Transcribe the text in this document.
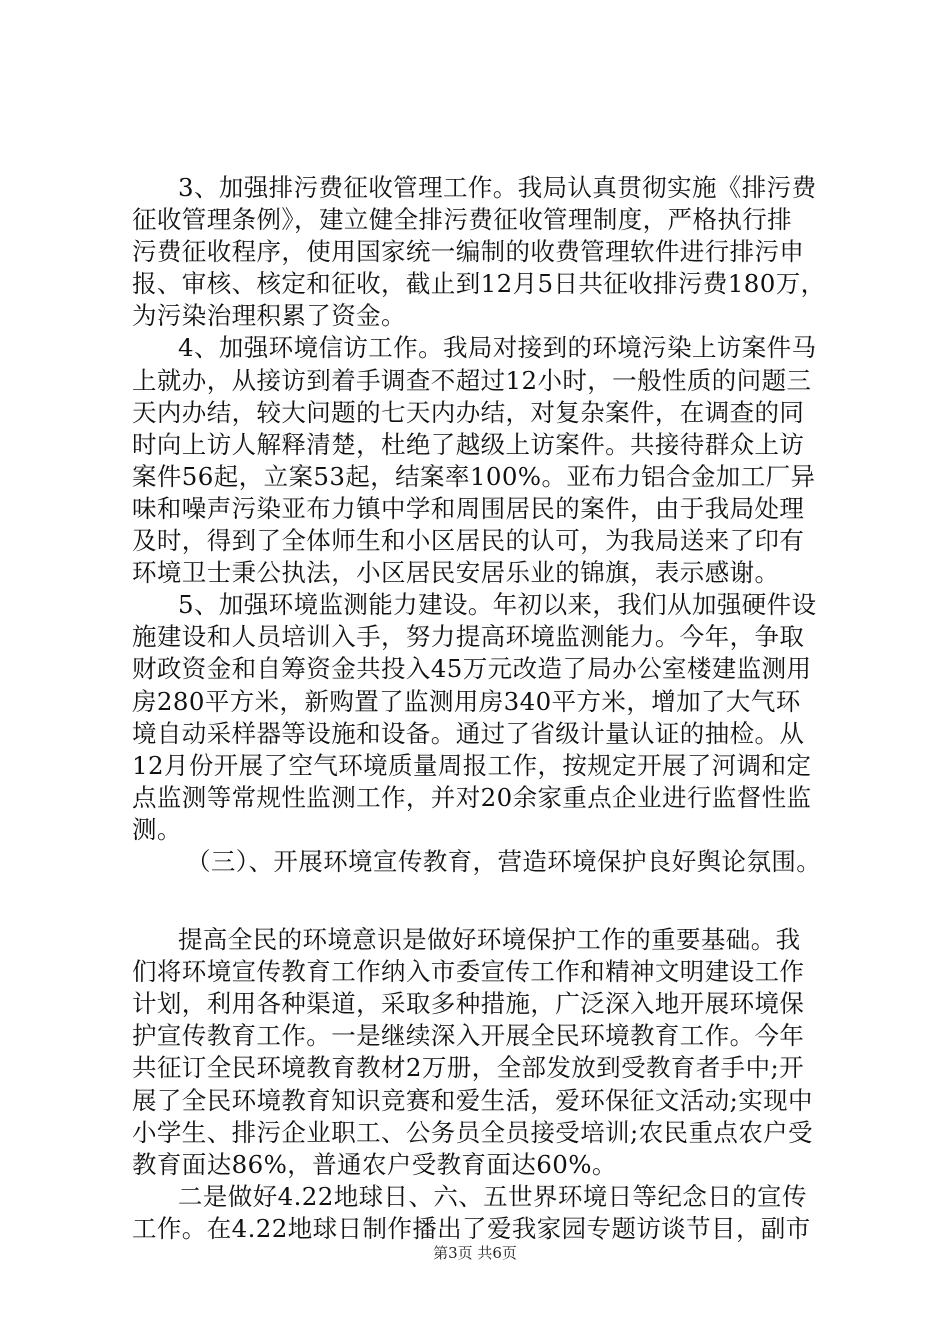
3、加强排污费征收管理工作。我局认真贯彻实施《排污费
征收管理条例》，建立健全排污费征收管理制度，严格执行排
污费征收程序，使用国家统一编制的收费管理软件进行排污申
报、审核、核定和征收，截止到12月5日共征收排污费180万，
为污染治理积累了资金。
4、加强环境信访工作。我局对接到的环境污染上访案件马
上就办，从接访到着手调查不超过12小时，一般性质的问题三
天内办结，较大问题的七天内办结，对复杂案件，在调查的同
时向上访人解释清楚，杜绝了越级上访案件。共接待群众上访
案件56起，立案53起，结案率100%。亚布力铝合金加工厂异
味和噪声污染亚布力镇中学和周围居民的案件，由于我局处理
及时，得到了全体师生和小区居民的认可，为我局送来了印有
环境卫士秉公执法，小区居民安居乐业的锦旗，表示感谢。
5、加强环境监测能力建设。年初以来，我们从加强硬件设
施建设和人员培训入手，努力提高环境监测能力。今年，争取
财政资金和自筹资金共投入45万元改造了局办公室楼建监测用
房280平方米，新购置了监测用房340平方米，增加了大气环
境自动采样器等设施和设备。通过了省级计量认证的抽检。从
12月份开展了空气环境质量周报工作，按规定开展了河调和定
点监测等常规性监测工作，并对20余家重点企业进行监督性监
测。
（三）、开展环境宣传教育，营造环境保护良好舆论氛围。
提高全民的环境意识是做好环境保护工作的重要基础。我
们将环境宣传教育工作纳入市委宣传工作和精神文明建设工作
计划，利用各种渠道，采取多种措施，广泛深入地开展环境保
护宣传教育工作。一是继续深入开展全民环境教育工作。今年
共征订全民环境教育教材2万册，全部发放到受教育者手中;开
展了全民环境教育知识竞赛和爱生活，爱环保征文活动;实现中
小学生、排污企业职工、公务员全员接受培训;农民重点农户受
教育面达86%，普通农户受教育面达60%。
二是做好4.22地球日、六、五世界环境日等纪念日的宣传
工作。在4.22地球日制作播出了爱我家园专题访谈节目，副市
第3页 共6页
